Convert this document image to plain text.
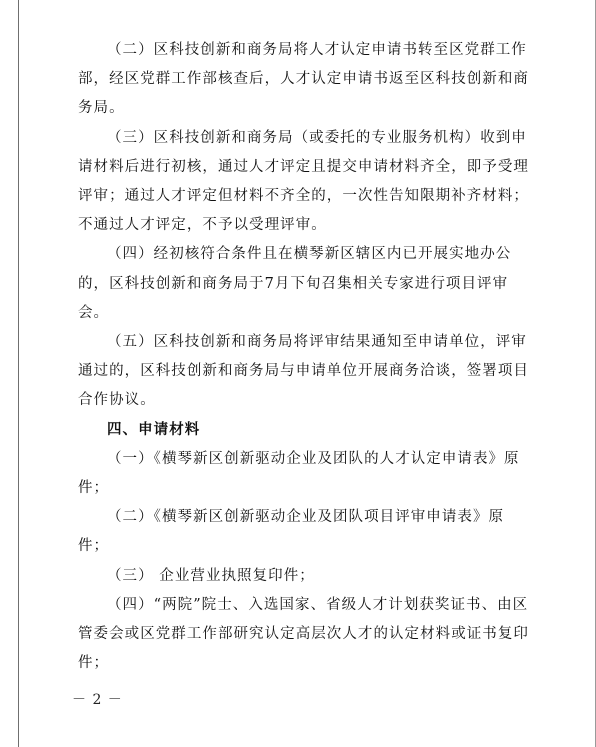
（二）区科技创新和商务局将人才认定申请书转至区党群工作部，经区党群工作部核查后，人才认定申请书返至区科技创新和商务局。

（三）区科技创新和商务局（或委托的专业服务机构）收到申请材料后进行初核，通过人才评定且提交申请材料齐全，即予受理评审；通过人才评定但材料不齐全的，一次性告知限期补齐材料；不通过人才评定，不予以受理评审。

（四）经初核符合条件且在横琴新区辖区内已开展实地办公的，区科技创新和商务局于7月下旬召集相关专家进行项目评审会。

（五）区科技创新和商务局将评审结果通知至申请单位，评审通过的，区科技创新和商务局与申请单位开展商务洽谈，签署项目合作协议。

四、申请材料

（一）《横琴新区创新驱动企业及团队的人才认定申请表》原件；

（二）《横琴新区创新驱动企业及团队项目评审申请表》原件；

（三） 企业营业执照复印件；

（四）“两院”院士、入选国家、省级人才计划获奖证书、由区管委会或区党群工作部研究认定高层次人才的认定材料或证书复印件；

－ 2 －
